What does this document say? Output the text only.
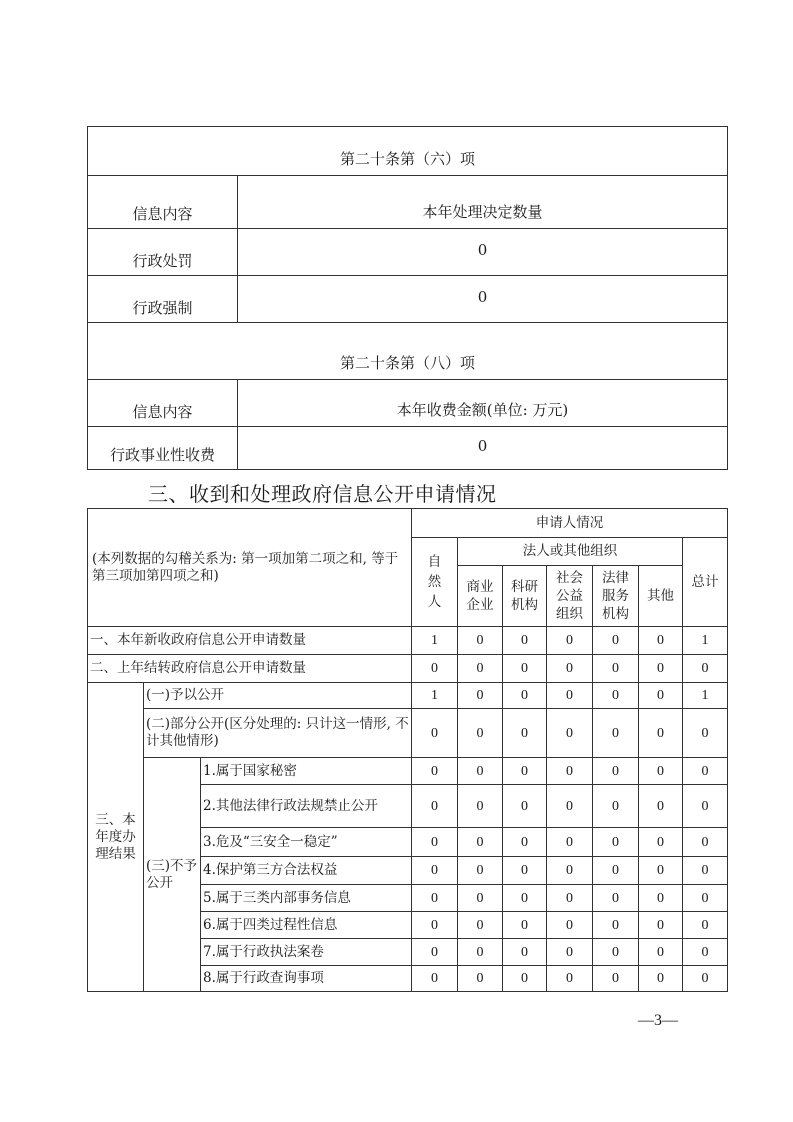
第二十条第（六）项	
信息内容	本年处理决定数量
行政处罚	0
行政强制	0
第二十条第（八）项	
信息内容	本年收费金额(单位: 万元)
行政事业性收费	0
三、收到和处理政府信息公开申请情况
(本列数据的勾稽关系为: 第一项加第二项之和, 等于第三项加第四项之和)			申请人情况						
			自然人	法人或其他组织					总计
				商业企业	科研机构	社会公益组织	法律服务机构	其他	
一、本年新收政府信息公开申请数量			1	0	0	0	0	0	1
二、上年结转政府信息公开申请数量			0	0	0	0	0	0	0
三、本年度办理结果	(一)予以公开		1	0	0	0	0	0	1
	(二)部分公开(区分处理的: 只计这一情形, 不计其他情形)		0	0	0	0	0	0	0
	(三)不予公开	1.属于国家秘密	0	0	0	0	0	0	0
		2.其他法律行政法规禁止公开	0	0	0	0	0	0	0
		3.危及“三安全一稳定”	0	0	0	0	0	0	0
		4.保护第三方合法权益	0	0	0	0	0	0	0
		5.属于三类内部事务信息	0	0	0	0	0	0	0
		6.属于四类过程性信息	0	0	0	0	0	0	0
		7.属于行政执法案卷	0	0	0	0	0	0	0
		8.属于行政查询事项	0	0	0	0	0	0	0
—3—
